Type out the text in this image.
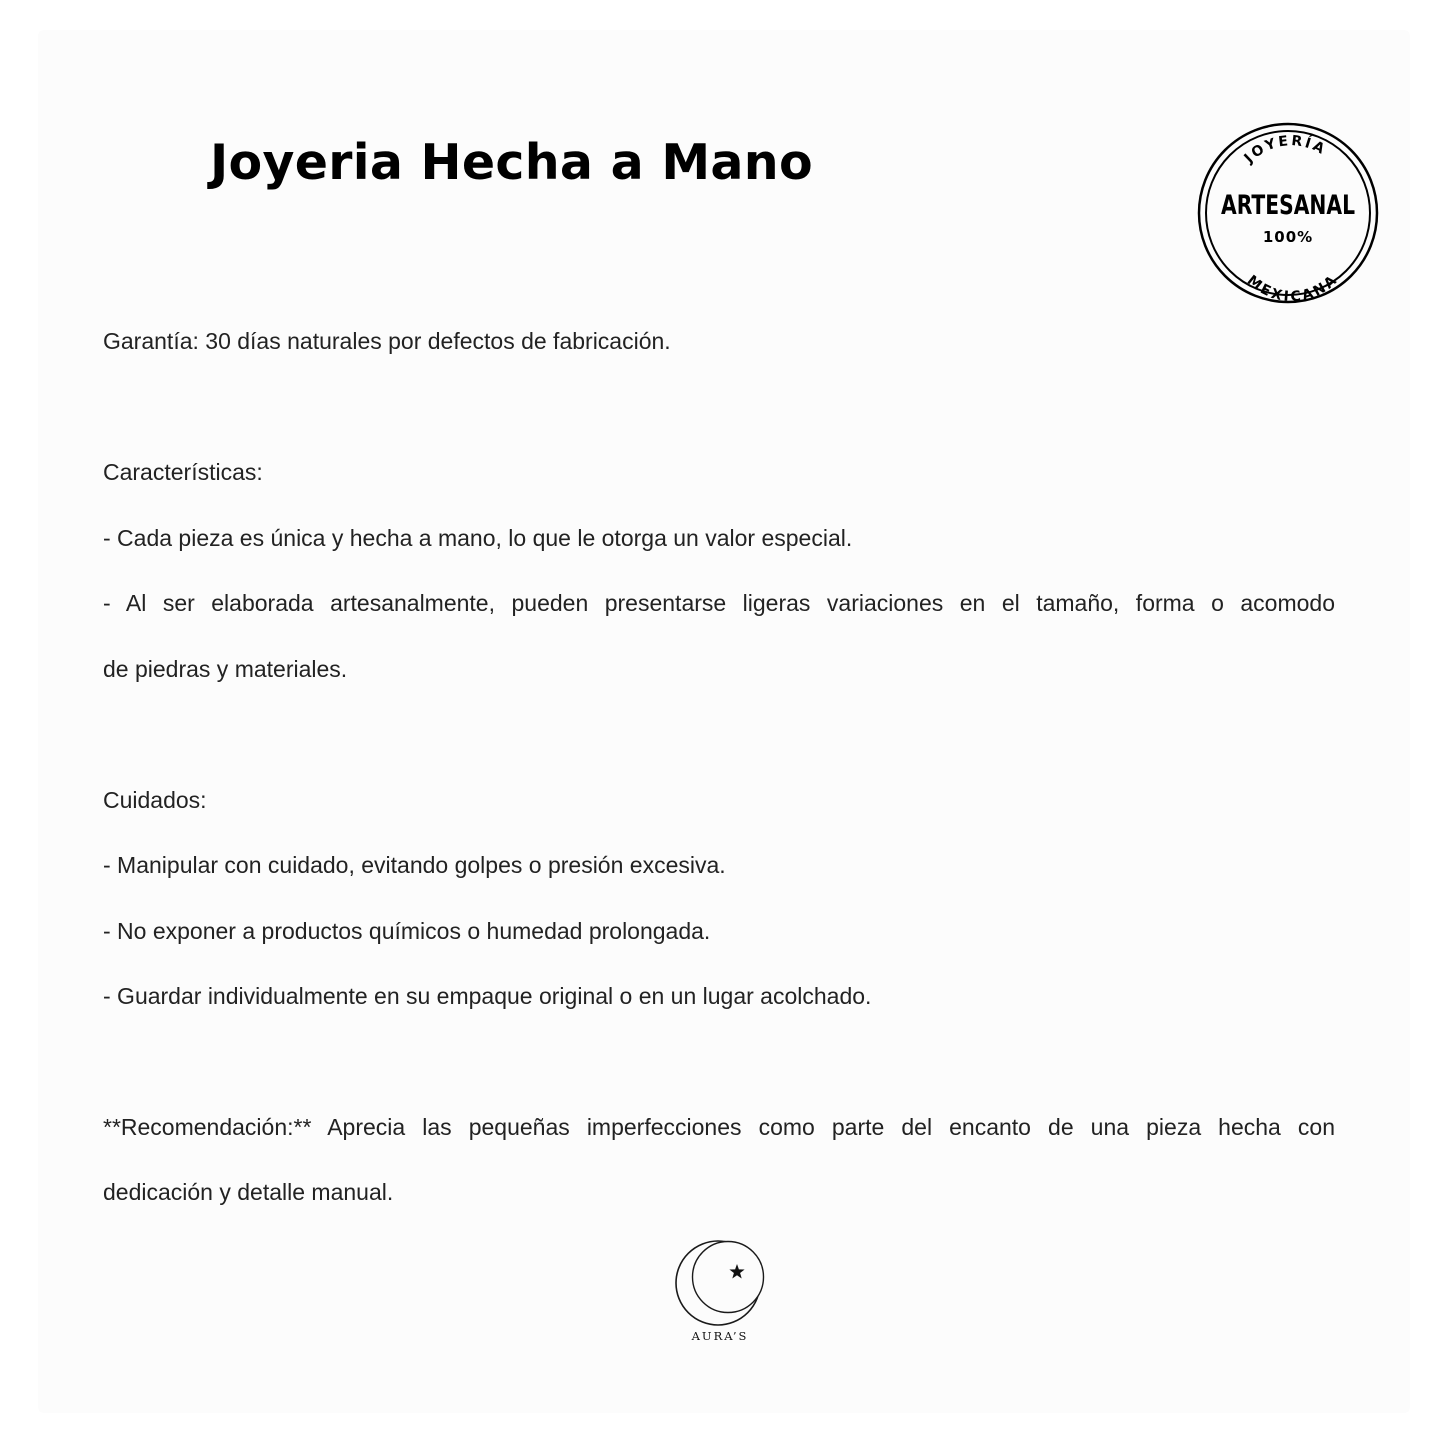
Joyeria Hecha a Mano	JOYERÍA
ARTESANAL
100%
MEXICANA

Garantía: 30 días naturales por defectos de fabricación.

Características:

- Cada pieza es única y hecha a mano, lo que le otorga un valor especial.

- Al ser elaborada artesanalmente, pueden presentarse ligeras variaciones en el tamaño, forma o acomodo

de piedras y materiales.

Cuidados:

- Manipular con cuidado, evitando golpes o presión excesiva.

- No exponer a productos químicos o humedad prolongada.

- Guardar individualmente en su empaque original o en un lugar acolchado.

**Recomendación:** Aprecia las pequeñas imperfecciones como parte del encanto de una pieza hecha con

dedicación y detalle manual.

AURA’S
